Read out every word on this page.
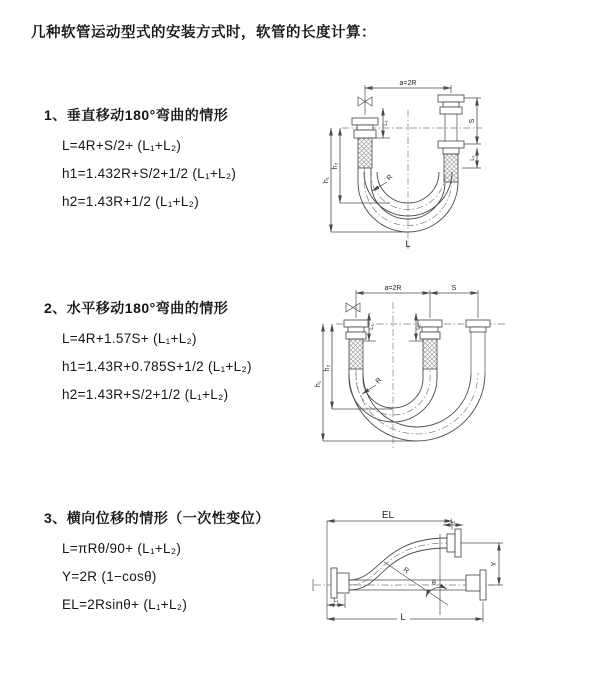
几种软管运动型式的安装方式时，软管的长度计算：
1、垂直移动180°弯曲的情形
L=4R+S/2+ (L₁+L₂)
h1=1.432R+S/2+1/2 (L₁+L₂)
h2=1.43R+1/2 (L₁+L₂)
2、水平移动180°弯曲的情形
L=4R+1.57S+ (L₁+L₂)
h1=1.43R+0.785S+1/2 (L₁+L₂)
h2=1.43R+S/2+1/2 (L₁+L₂)
3、横向位移的情形（一次性变位）
L=πRθ/90+ (L₁+L₂)
Y=2R (1−cosθ)
EL=2Rsinθ+ (L₁+L₂)
a=2R
S
L₁
L₁
h₁
h₂
R
L
a=2R	S
h₁
h₂
L₁	L₁
R
EL
L₁
Y
L
L₁
θ
R
